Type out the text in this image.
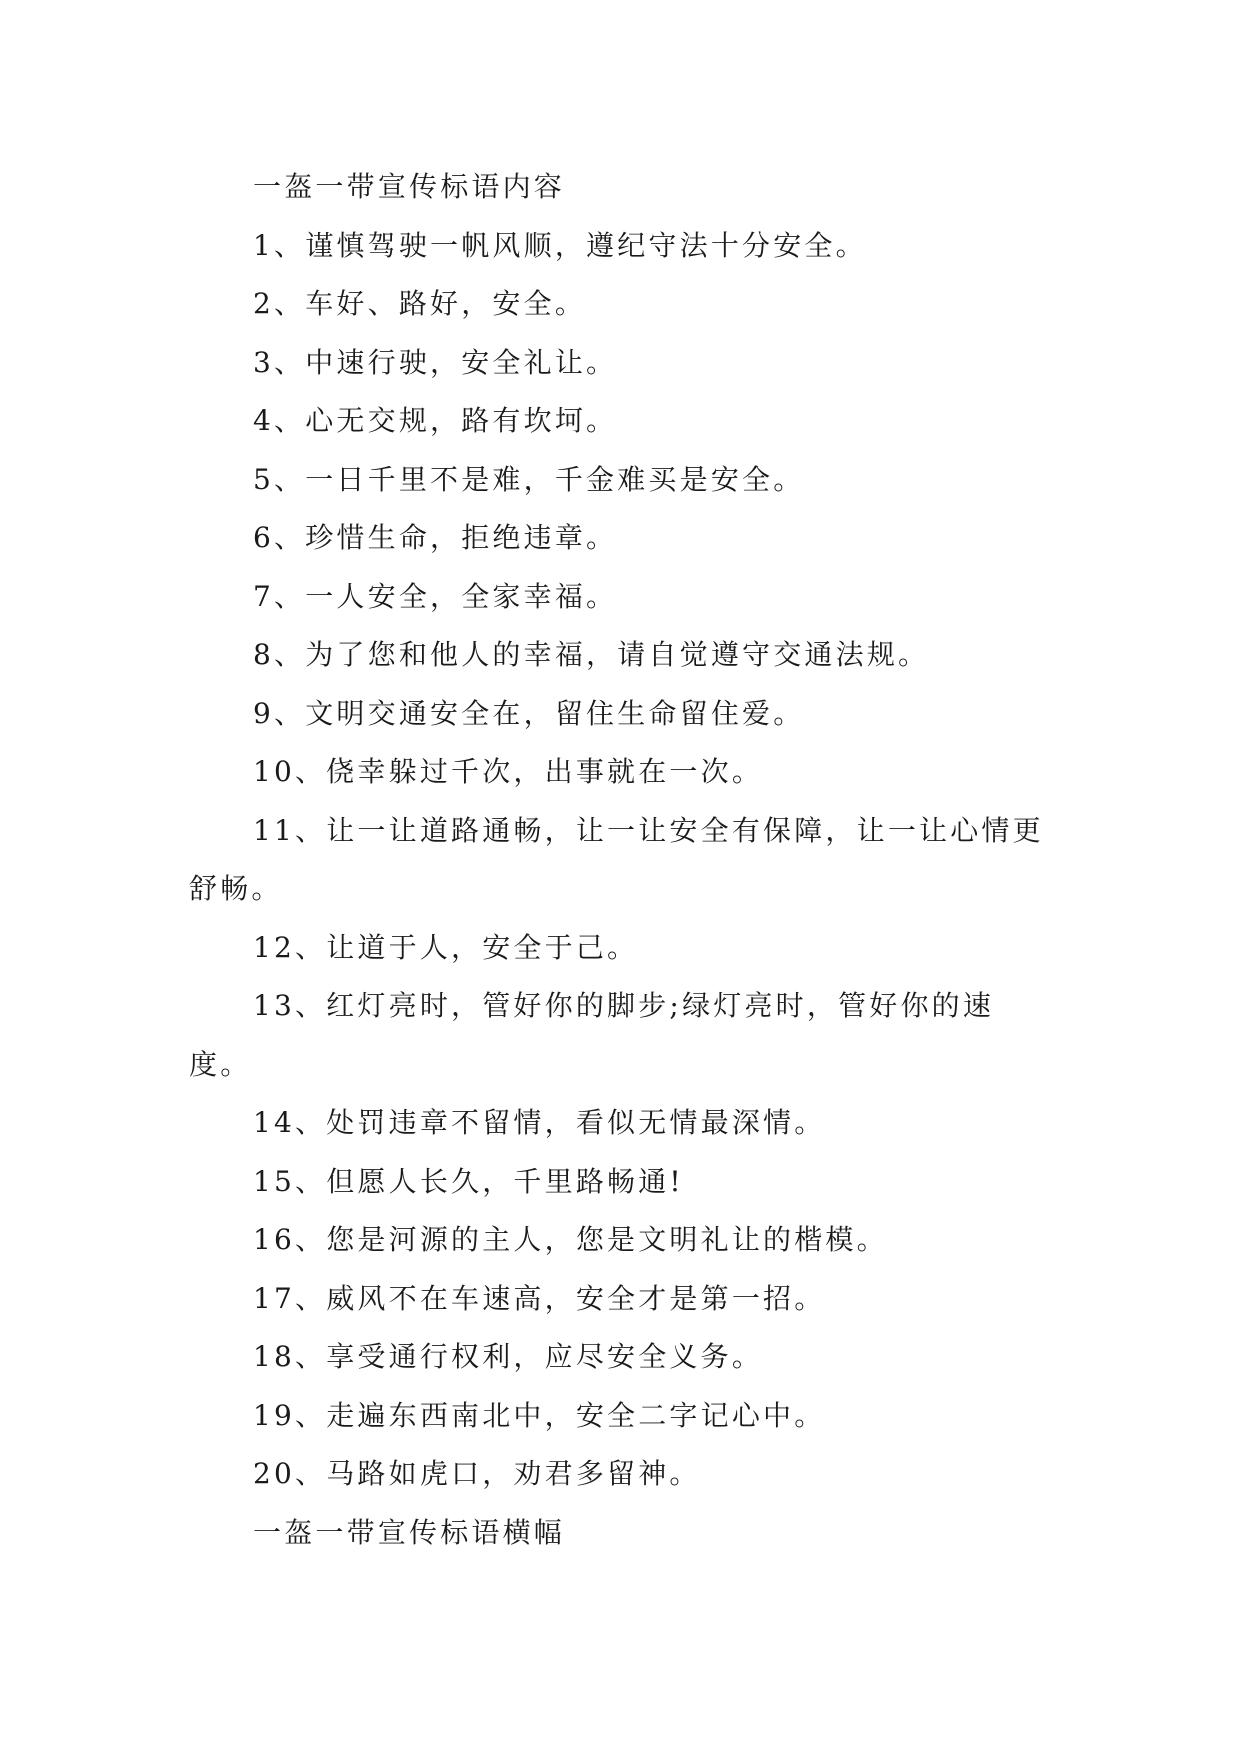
一盔一带宣传标语内容

1、谨慎驾驶一帆风顺，遵纪守法十分安全。

2、车好、路好，安全。

3、中速行驶，安全礼让。

4、心无交规，路有坎坷。

5、一日千里不是难，千金难买是安全。

6、珍惜生命，拒绝违章。

7、一人安全，全家幸福。

8、为了您和他人的幸福，请自觉遵守交通法规。

9、文明交通安全在，留住生命留住爱。

10、侥幸躲过千次，出事就在一次。

11、让一让道路通畅，让一让安全有保障，让一让心情更舒畅。

12、让道于人，安全于己。

13、红灯亮时，管好你的脚步;绿灯亮时，管好你的速度。

14、处罚违章不留情，看似无情最深情。

15、但愿人长久，千里路畅通!

16、您是河源的主人，您是文明礼让的楷模。

17、威风不在车速高，安全才是第一招。

18、享受通行权利，应尽安全义务。

19、走遍东西南北中，安全二字记心中。

20、马路如虎口，劝君多留神。

一盔一带宣传标语横幅
